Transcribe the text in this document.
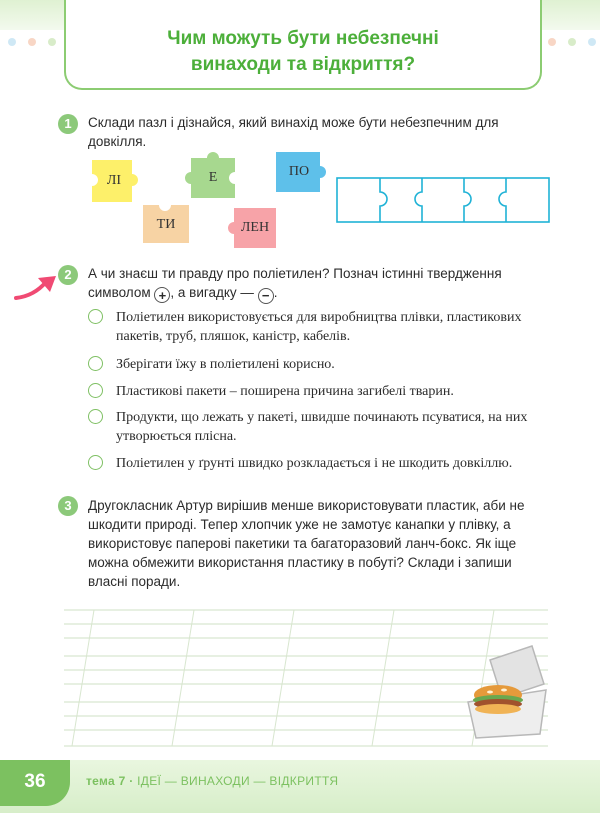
Чим можуть бути небезпечні
винаходи та відкриття?
1	Склади пазл і дізнайся, який винахід може бути небезпечним для довкілля.
ЛІ	Е	ПО
ТИ	ЛЕН
2	А чи знаєш ти правду про поліетилен? Познач істинні твердження
символом + , а вигадку — − .
Поліетилен використовується для виробництва плівки, пластикових пакетів, труб, пляшок, каністр, кабелів.
Зберігати їжу в поліетилені корисно.
Пластикові пакети – поширена причина загибелі тварин.
Продукти, що лежать у пакеті, швидше починають псуватися, на них утворюється плісна.
Поліетилен у ґрунті швидко розкладається і не шкодить довкіллю.
3	Другокласник Артур вирішив менше використовувати пластик, аби не шкодити природі. Тепер хлопчик уже не замотує канапки у плівку, а використовує паперові пакетики та багаторазовий ланч-бокс. Як іще можна обмежити використання пластику в побуті? Склади і запиши власні поради.
36	тема 7 · ІДЕЇ — ВИНАХОДИ — ВІДКРИТТЯ
